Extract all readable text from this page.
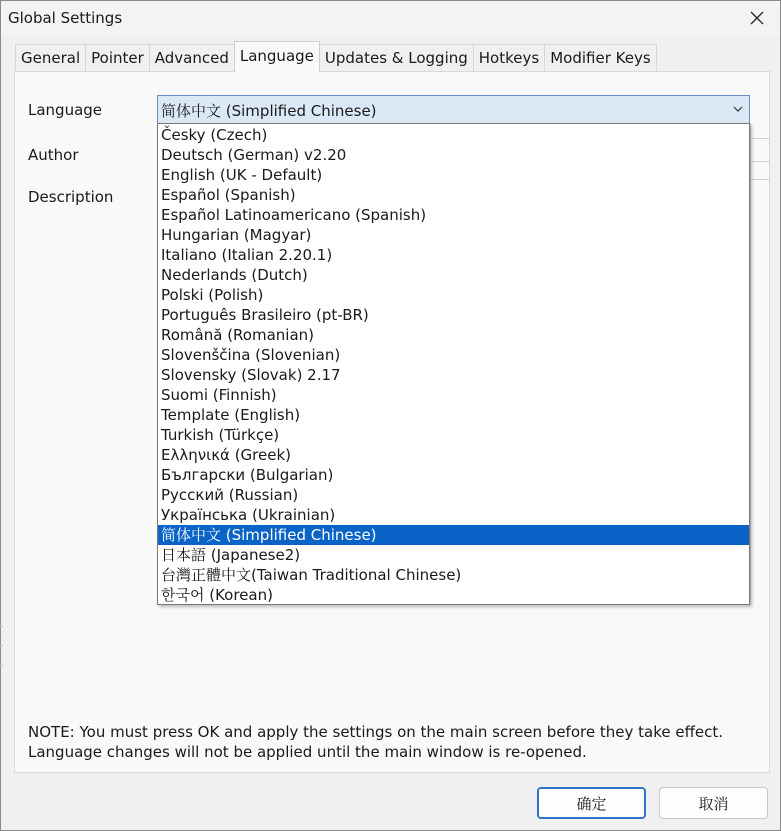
Global Settings
General Pointer Advanced Language Updates & Logging Hotkeys Modifier Keys
Language
Author
Description
简体中文 (Simplified Chinese)
Česky (Czech)
Deutsch (German) v2.20
English (UK - Default)
Español (Spanish)
Español Latinoamericano (Spanish)
Hungarian (Magyar)
Italiano (Italian 2.20.1)
Nederlands (Dutch)
Polski (Polish)
Português Brasileiro (pt-BR)
Română (Romanian)
Slovenščina (Slovenian)
Slovensky (Slovak) 2.17
Suomi (Finnish)
Template (English)
Turkish (Türkçe)
Ελληνικά (Greek)
Български (Bulgarian)
Русский (Russian)
Українська (Ukrainian)
简体中文 (Simplified Chinese)
日本語 (Japanese2)
台灣正體中文(Taiwan Traditional Chinese)
한국어 (Korean)
NOTE: You must press OK and apply the settings on the main screen before they take effect.
Language changes will not be applied until the main window is re-opened.
确定	取消
